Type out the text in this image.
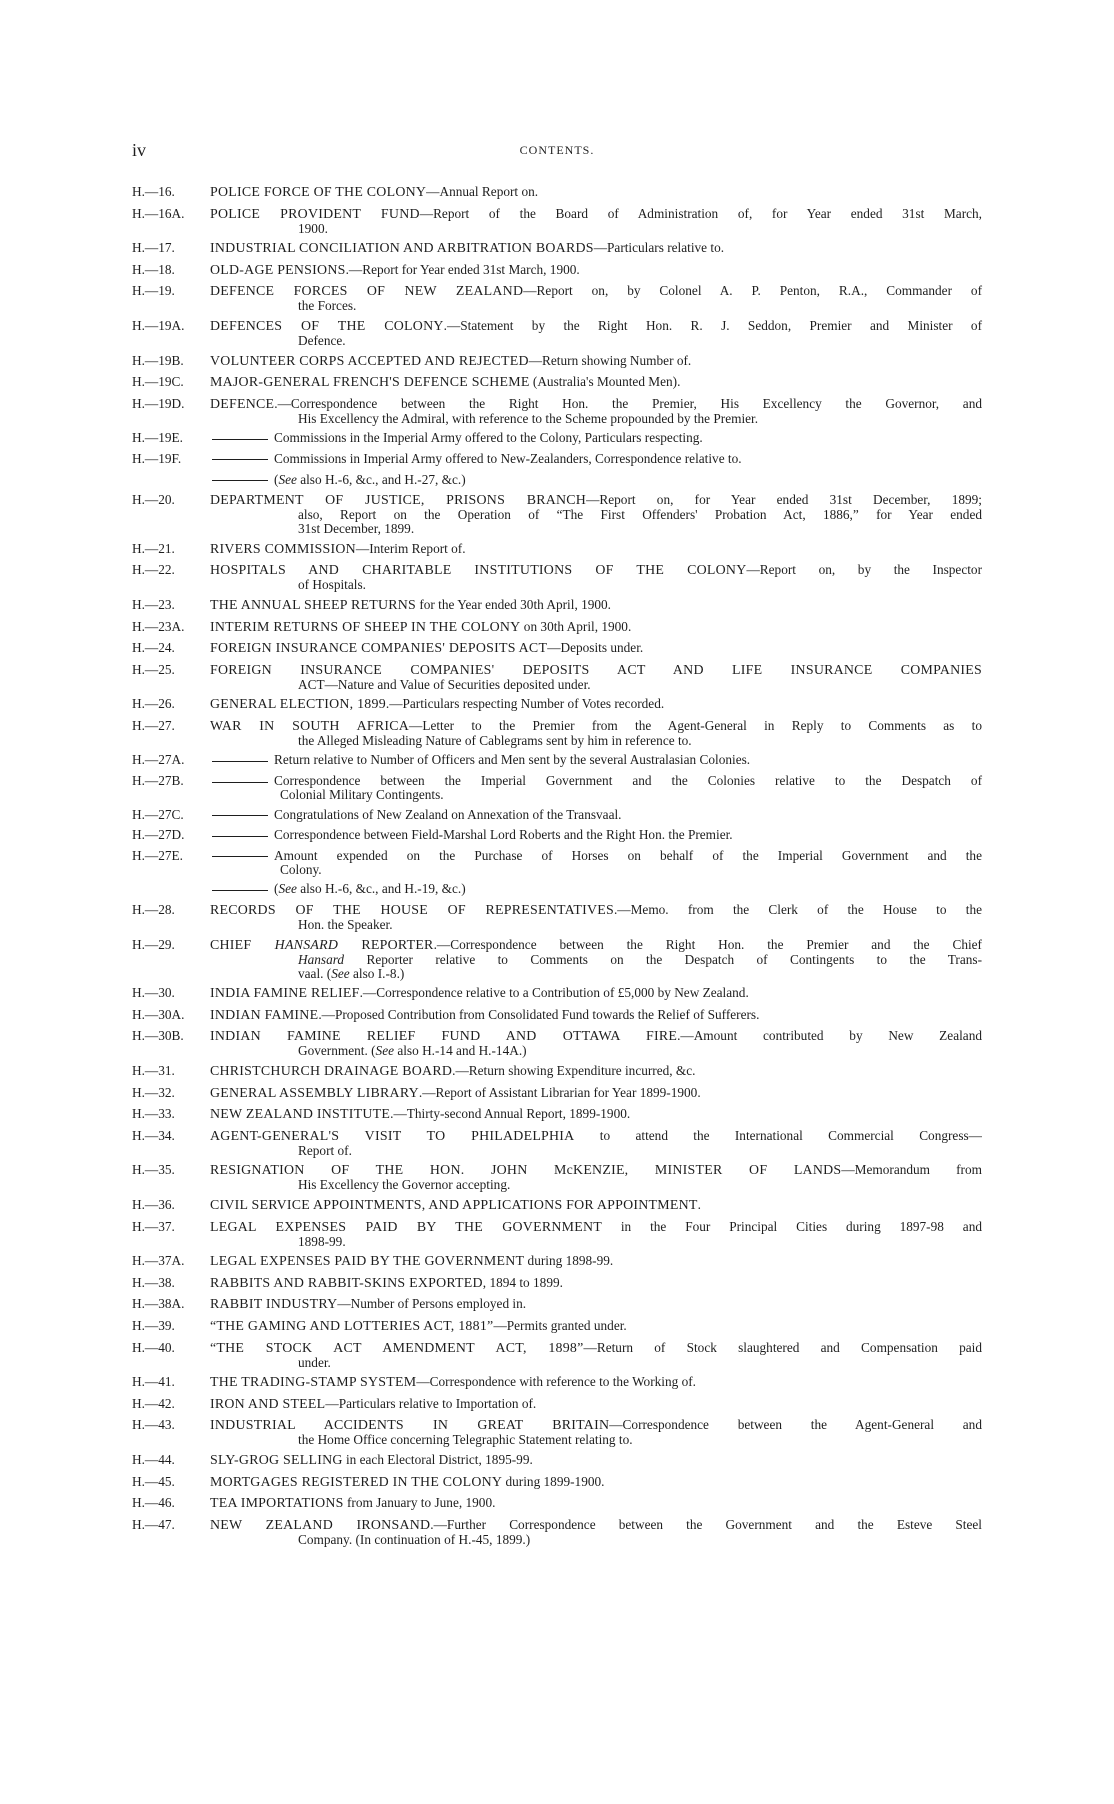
iv	CONTENTS.
H.—16.	POLICE FORCE OF THE COLONY—Annual Report on.
H.—16A.	POLICE PROVIDENT FUND—Report of the Board of Administration of, for Year ended 31st March,
1900.
H.—17.	INDUSTRIAL CONCILIATION AND ARBITRATION BOARDS—Particulars relative to.
H.—18.	OLD-AGE PENSIONS.—Report for Year ended 31st March, 1900.
H.—19.	DEFENCE FORCES OF NEW ZEALAND—Report on, by Colonel A. P. Penton, R.A., Commander of
the Forces.
H.—19A.	DEFENCES OF THE COLONY.—Statement by the Right Hon. R. J. Seddon, Premier and Minister of
Defence.
H.—19B.	VOLUNTEER CORPS ACCEPTED AND REJECTED—Return showing Number of.
H.—19C.	MAJOR-GENERAL FRENCH'S DEFENCE SCHEME (Australia's Mounted Men).
H.—19D.	DEFENCE.—Correspondence between the Right Hon. the Premier, His Excellency the Governor, and
His Excellency the Admiral, with reference to the Scheme propounded by the Premier.
H.—19E.	Commissions in the Imperial Army offered to the Colony, Particulars respecting.
H.—19F.	Commissions in Imperial Army offered to New-Zealanders, Correspondence relative to.
(See also H.-6, &c., and H.-27, &c.)
H.—20.	DEPARTMENT OF JUSTICE, PRISONS BRANCH—Report on, for Year ended 31st December, 1899;
also, Report on the Operation of “The First Offenders' Probation Act, 1886,” for Year ended
31st December, 1899.
H.—21.	RIVERS COMMISSION—Interim Report of.
H.—22.	HOSPITALS AND CHARITABLE INSTITUTIONS OF THE COLONY—Report on, by the Inspector
of Hospitals.
H.—23.	THE ANNUAL SHEEP RETURNS for the Year ended 30th April, 1900.
H.—23A.	INTERIM RETURNS OF SHEEP IN THE COLONY on 30th April, 1900.
H.—24.	FOREIGN INSURANCE COMPANIES' DEPOSITS ACT—Deposits under.
H.—25.	FOREIGN INSURANCE COMPANIES' DEPOSITS ACT AND LIFE INSURANCE COMPANIES
ACT—Nature and Value of Securities deposited under.
H.—26.	GENERAL ELECTION, 1899.—Particulars respecting Number of Votes recorded.
H.—27.	WAR IN SOUTH AFRICA—Letter to the Premier from the Agent-General in Reply to Comments as to
the Alleged Misleading Nature of Cablegrams sent by him in reference to.
H.—27A.	Return relative to Number of Officers and Men sent by the several Australasian Colonies.
H.—27B.	Correspondence between the Imperial Government and the Colonies relative to the Despatch of
Colonial Military Contingents.
H.—27C.	Congratulations of New Zealand on Annexation of the Transvaal.
H.—27D.	Correspondence between Field-Marshal Lord Roberts and the Right Hon. the Premier.
H.—27E.	Amount expended on the Purchase of Horses on behalf of the Imperial Government and the
Colony.
(See also H.-6, &c., and H.-19, &c.)
H.—28.	RECORDS OF THE HOUSE OF REPRESENTATIVES.—Memo. from the Clerk of the House to the
Hon. the Speaker.
H.—29.	CHIEF HANSARD REPORTER.—Correspondence between the Right Hon. the Premier and the Chief
Hansard Reporter relative to Comments on the Despatch of Contingents to the Trans-
vaal. (See also I.-8.)
H.—30.	INDIA FAMINE RELIEF.—Correspondence relative to a Contribution of £5,000 by New Zealand.
H.—30A.	INDIAN FAMINE.—Proposed Contribution from Consolidated Fund towards the Relief of Sufferers.
H.—30B.	INDIAN FAMINE RELIEF FUND AND OTTAWA FIRE.—Amount contributed by New Zealand
Government. (See also H.-14 and H.-14A.)
H.—31.	CHRISTCHURCH DRAINAGE BOARD.—Return showing Expenditure incurred, &c.
H.—32.	GENERAL ASSEMBLY LIBRARY.—Report of Assistant Librarian for Year 1899-1900.
H.—33.	NEW ZEALAND INSTITUTE.—Thirty-second Annual Report, 1899-1900.
H.—34.	AGENT-GENERAL'S VISIT TO PHILADELPHIA to attend the International Commercial Congress—
Report of.
H.—35.	RESIGNATION OF THE HON. JOHN McKENZIE, MINISTER OF LANDS—Memorandum from
His Excellency the Governor accepting.
H.—36.	CIVIL SERVICE APPOINTMENTS, AND APPLICATIONS FOR APPOINTMENT.
H.—37.	LEGAL EXPENSES PAID BY THE GOVERNMENT in the Four Principal Cities during 1897-98 and
1898-99.
H.—37A.	LEGAL EXPENSES PAID BY THE GOVERNMENT during 1898-99.
H.—38.	RABBITS AND RABBIT-SKINS EXPORTED, 1894 to 1899.
H.—38A.	RABBIT INDUSTRY—Number of Persons employed in.
H.—39.	“THE GAMING AND LOTTERIES ACT, 1881”—Permits granted under.
H.—40.	“THE STOCK ACT AMENDMENT ACT, 1898”—Return of Stock slaughtered and Compensation paid
under.
H.—41.	THE TRADING-STAMP SYSTEM—Correspondence with reference to the Working of.
H.—42.	IRON AND STEEL—Particulars relative to Importation of.
H.—43.	INDUSTRIAL ACCIDENTS IN GREAT BRITAIN—Correspondence between the Agent-General and
the Home Office concerning Telegraphic Statement relating to.
H.—44.	SLY-GROG SELLING in each Electoral District, 1895-99.
H.—45.	MORTGAGES REGISTERED IN THE COLONY during 1899-1900.
H.—46.	TEA IMPORTATIONS from January to June, 1900.
H.—47.	NEW ZEALAND IRONSAND.—Further Correspondence between the Government and the Esteve Steel
Company. (In continuation of H.-45, 1899.)
